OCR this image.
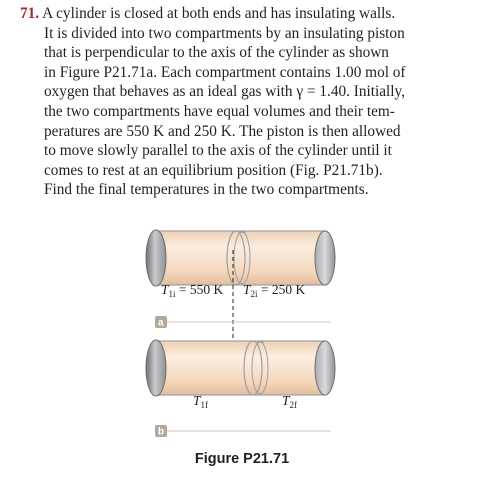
71. A cylinder is closed at both ends and has insulating walls.
It is divided into two compartments by an insulating piston
that is perpendicular to the axis of the cylinder as shown
in Figure P21.71a. Each compartment contains 1.00 mol of
oxygen that behaves as an ideal gas with γ = 1.40. Initially,
the two compartments have equal volumes and their tem-
peratures are 550 K and 250 K. The piston is then allowed
to move slowly parallel to the axis of the cylinder until it
comes to rest at an equilibrium position (Fig. P21.71b).
Find the final temperatures in the two compartments.
$T_{1i} = 550$ K $T_{2i} = 250$ K
a
$T_{1f}$	$T_{2f}$
b
Figure P21.71
